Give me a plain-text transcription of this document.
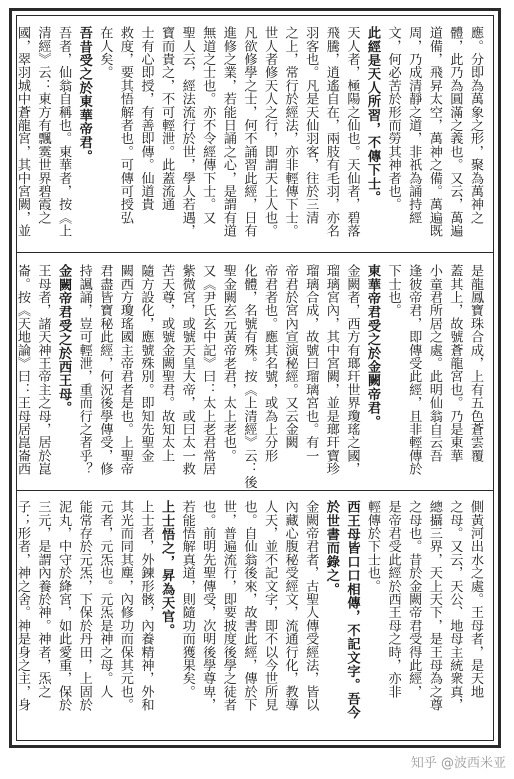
應。分即為萬象之形，聚為萬神之
體，此乃為圓滿之義也。又云，萬遍
道備，飛昇太空，萬神之備。萬遍既
周，乃成清靜之道，非祇為誦持經
文，何必苦於形而勞其神者也。
此經是天人所習，不傳下士。
天人者，極陽之仙也。天仙者，碧落
飛騰，逍遙自在，兩肢有毛羽，亦名
羽客也。凡是天仙羽客，往於三清
之上，常行於經法，亦非輕傳下士。
世人者修天人之行，即謂天上人也。
凡欲修學之士，何不誦習此經，日有
進修之業，若能日誦之心，是謂有道
無道之士也。亦不令經傳下士。又
聖人云，經法流行於世，學人若遇，
寶而貴之，不可輕泄。此蓋流通
士有心即授，有善即傳。仙道貴
救度，要其悟解者也。可傳可授弘
在人矣。
吾昔受之於東華帝君。
吾者，仙翁自稱也。東華者，按《上
清經》云：東方有飄霙世界碧霞之
國，翠羽城中蒼龍宮，其中宮闕，並
是龍鳳寶珠合成，上有五色蒼雲覆
蓋其上，故號蒼龍宮也。乃是東華
小童君所居之處。此明仙翁自云吾
逢彼帝君，即傳受此經，且非輕傳於
下士也。
東華帝君受之於金闕帝君。
金闕者，西方有瑯玕世界瓊瑤之國，
瑠璃宮內，其中宮闕，並是瑯玕寶珍
瑠璃合成，故號曰瑠璃宮也。有一
帝君於宮內宣演秘經。又云金闕
帝君者也。應其名號，或為上分形
化體，名號有殊。按《上清經》云：後
聖金闕玄元黃帝老君，太上老也。
又《尹氏玄中記》曰：太上老君常居
紫微宮，或號天皇大帝，或曰太一救
苦天尊，或號金闕聖君。故知太上
隨方設化，應號殊別。即知先聖金
闕西方瓊瑤國主帝君者是也。上聖帝
君盡皆寶秘此經，何況後學傳受，修
持諷誦，豈可輕泄，重而行之者乎？
金闕帝君受之於西王母。
王母者，諸天神王帝主之母，居於崑
崙。按《天地論》曰：王母居崑崙西
側黃河出水之處。王母者，是天地
之母。又云，天公、地母主統衆真，
總攝三界，天上天下，是王母為之尊
之母也。昔於金闕帝君受得此經，
是帝君受此經於西王母之時，亦非
輕傳於下士也。
西王母皆口口相傳，不記文字。吾今
於世書而錄之。
金闕帝君者，古聖人傳受經法，皆以
內藏心腹秘受經文，流通行化，教導
人天，並不記文字，即不以今世所見
也。自仙翁後來，故書此經，傳於下
世，普遍流行，即要披度後學之徒者
也。前明先聖傳受，次明後學尊卑，
若能悟解真道，則隨功而獲果矣。
上士悟之，昇為天官。
上士者，外鍊形骸，內養精神，外和
其光而同其塵，內修功而保其元也。
元者，元炁也。元炁是神之母。人
能常存於元炁，下保於丹田，上固於
泥丸，中守於絳宮，如此愛重，保於
三元，是謂內養於神。神者，炁之
子；形者，神之舍。神是身之主，身
知乎 @波西米亚
